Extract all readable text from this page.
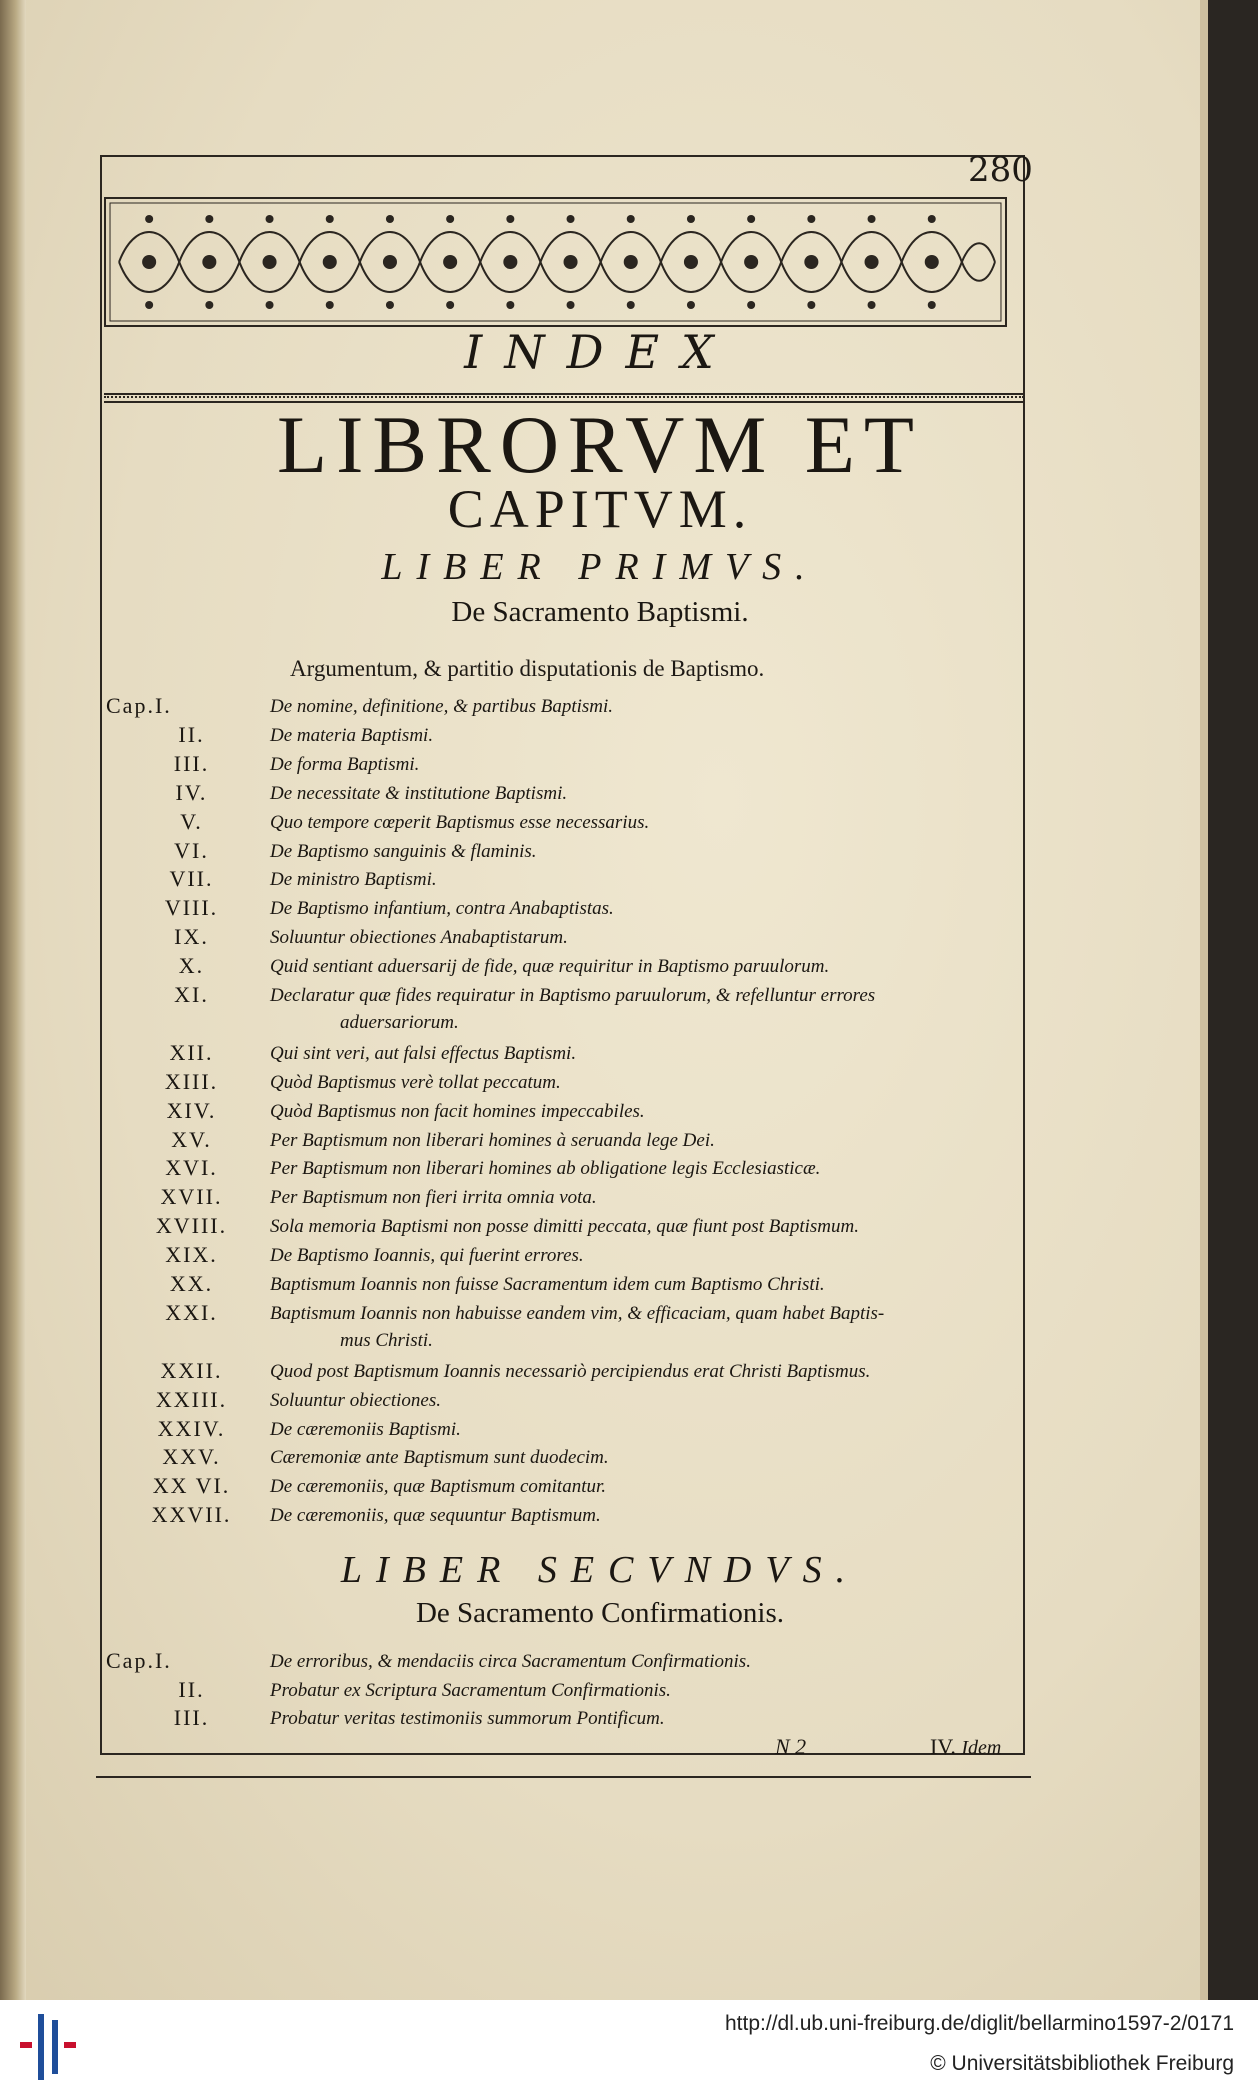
280
INDEX
LIBRORVM ET
CAPITVM.
LIBER PRIMVS.
De Sacramento Baptismi.
Argumentum, & partitio disputationis de Baptismo.
Cap.I.	De nomine, definitione, & partibus Baptismi.
II.	De materia Baptismi.
III.	De forma Baptismi.
IV.	De necessitate & institutione Baptismi.
V.	Quo tempore cœperit Baptismus esse necessarius.
VI.	De Baptismo sanguinis & flaminis.
VII.	De ministro Baptismi.
VIII.	De Baptismo infantium, contra Anabaptistas.
IX.	Soluuntur obiectiones Anabaptistarum.
X.	Quid sentiant aduersarij de fide, quæ requiritur in Baptismo paruulorum.
XI.	Declaratur quæ fides requiratur in Baptismo paruulorum, & refelluntur errores
aduersariorum.
XII.	Qui sint veri, aut falsi effectus Baptismi.
XIII.	Quòd Baptismus verè tollat peccatum.
XIV.	Quòd Baptismus non facit homines impeccabiles.
XV.	Per Baptismum non liberari homines à seruanda lege Dei.
XVI.	Per Baptismum non liberari homines ab obligatione legis Ecclesiasticæ.
XVII.	Per Baptismum non fieri irrita omnia vota.
XVIII.	Sola memoria Baptismi non posse dimitti peccata, quæ fiunt post Baptismum.
XIX.	De Baptismo Ioannis, qui fuerint errores.
XX.	Baptismum Ioannis non fuisse Sacramentum idem cum Baptismo Christi.
XXI.	Baptismum Ioannis non habuisse eandem vim, & efficaciam, quam habet Baptis-
mus Christi.
XXII.	Quod post Baptismum Ioannis necessariò percipiendus erat Christi Baptismus.
XXIII.	Soluuntur obiectiones.
XXIV.	De cæremoniis Baptismi.
XXV.	Cæremoniæ ante Baptismum sunt duodecim.
XX VI.	De cæremoniis, quæ Baptismum comitantur.
XXVII.	De cæremoniis, quæ sequuntur Baptismum.
LIBER SECVNDVS.
De Sacramento Confirmationis.
Cap.I.	De erroribus, & mendaciis circa Sacramentum Confirmationis.
II.	Probatur ex Scriptura Sacramentum Confirmationis.
III.	Probatur veritas testimoniis summorum Pontificum.
N 2	IV. Idem
http://dl.ub.uni-freiburg.de/diglit/bellarmino1597-2/0171
© Universitätsbibliothek Freiburg
